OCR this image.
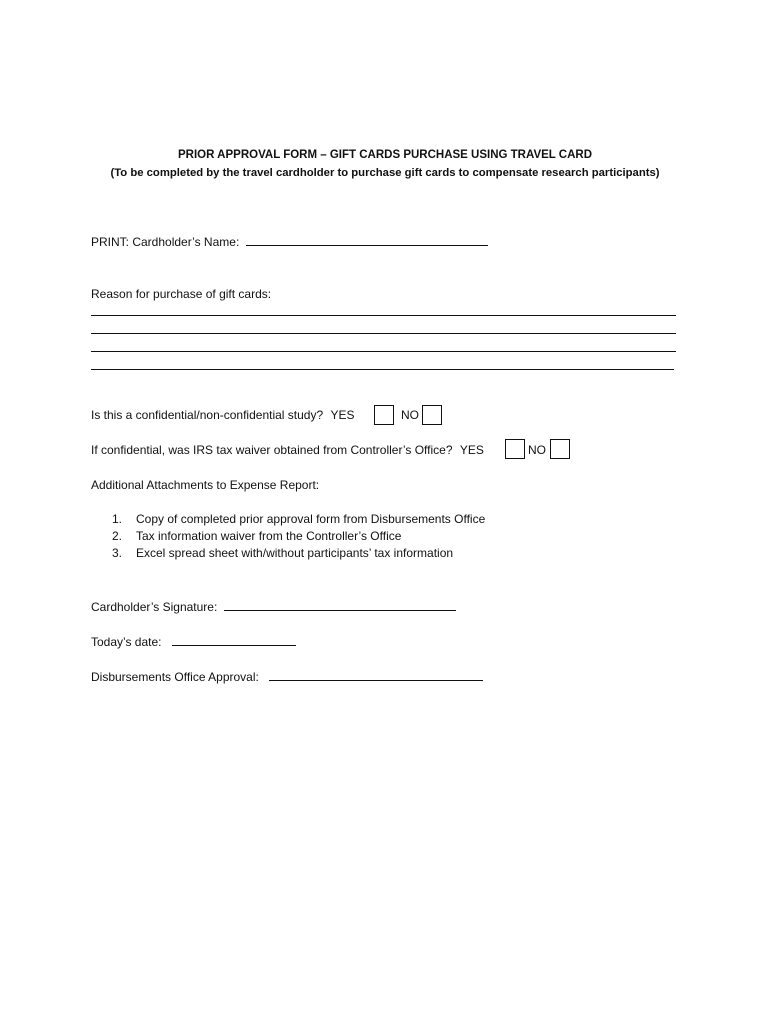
PRIOR APPROVAL FORM – GIFT CARDS PURCHASE USING TRAVEL CARD
(To be completed by the travel cardholder to purchase gift cards to compensate research participants)
PRINT: Cardholder’s Name:
Reason for purchase of gift cards:
Is this a confidential/non-confidential study? YES	NO
If confidential, was IRS tax waiver obtained from Controller’s Office? YES	NO
Additional Attachments to Expense Report:
1. Copy of completed prior approval form from Disbursements Office
2. Tax information waiver from the Controller’s Office
3. Excel spread sheet with/without participants’ tax information
Cardholder’s Signature:
Today’s date:
Disbursements Office Approval:
